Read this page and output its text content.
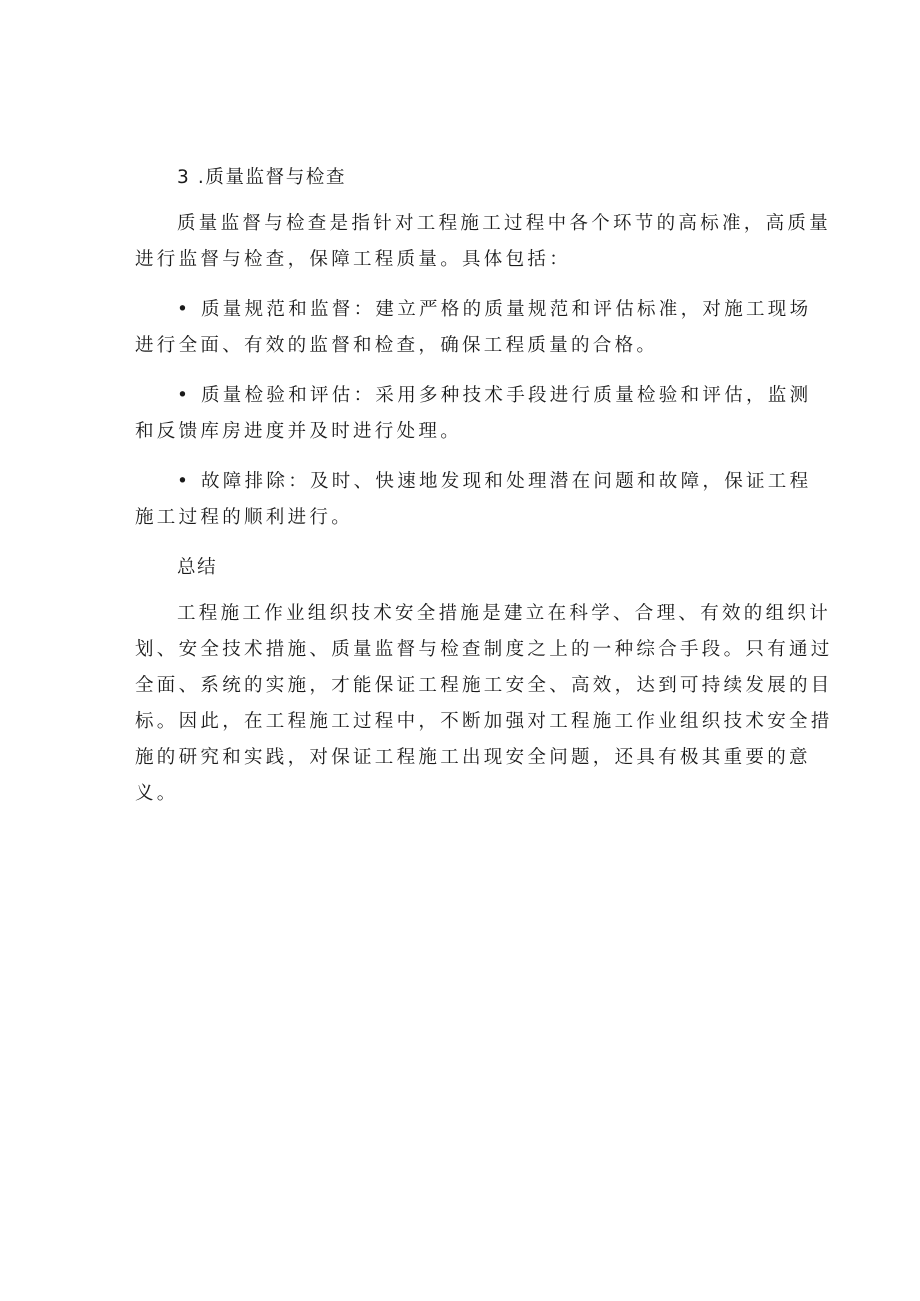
3 .质量监督与检查
质量监督与检查是指针对工程施工过程中各个环节的高标准，高质量
进行监督与检查，保障工程质量。具体包括：
• 质量规范和监督：建立严格的质量规范和评估标准，对施工现场
进行全面、有效的监督和检查，确保工程质量的合格。
• 质量检验和评估：采用多种技术手段进行质量检验和评估，监测
和反馈库房进度并及时进行处理。
• 故障排除：及时、快速地发现和处理潜在问题和故障，保证工程
施工过程的顺利进行。
总结
工程施工作业组织技术安全措施是建立在科学、合理、有效的组织计
划、安全技术措施、质量监督与检查制度之上的一种综合手段。只有通过
全面、系统的实施，才能保证工程施工安全、高效，达到可持续发展的目
标。因此，在工程施工过程中，不断加强对工程施工作业组织技术安全措
施的研究和实践，对保证工程施工出现安全问题，还具有极其重要的意
义。
